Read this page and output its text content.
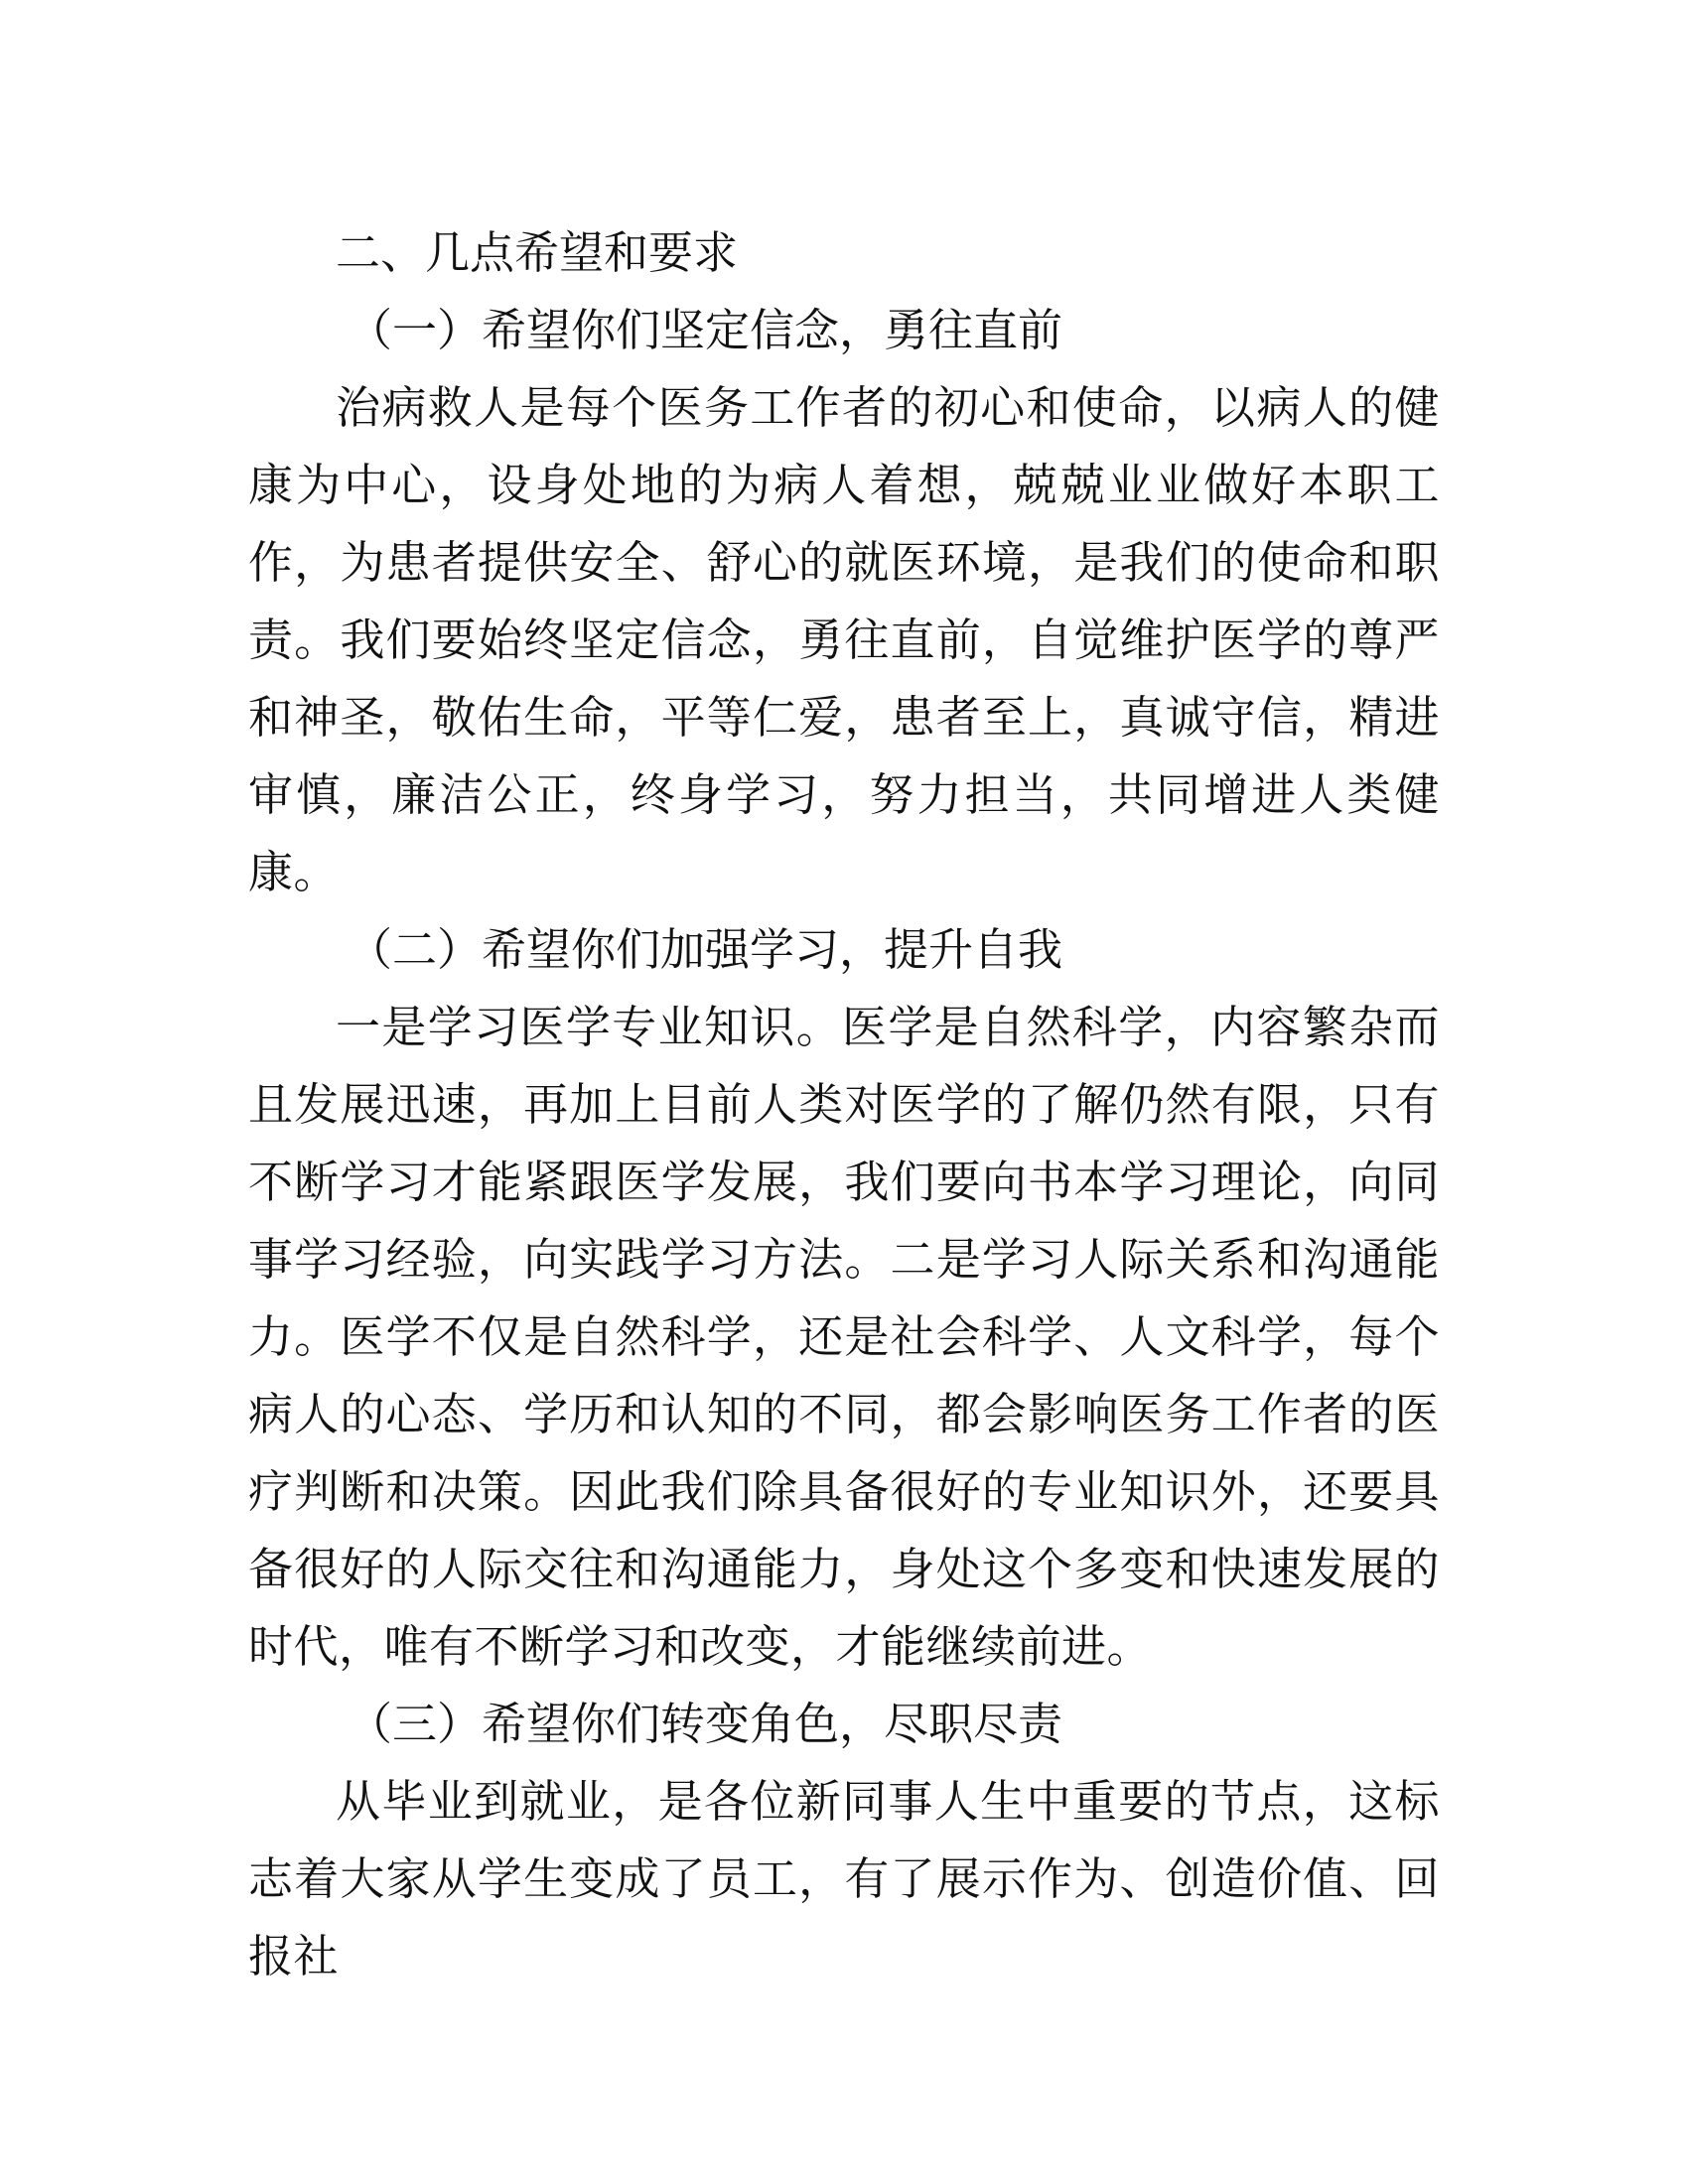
二、几点希望和要求

（一）希望你们坚定信念，勇往直前

治病救人是每个医务工作者的初心和使命，以病人的健康为中心，设身处地的为病人着想，兢兢业业做好本职工作，为患者提供安全、舒心的就医环境，是我们的使命和职责。我们要始终坚定信念，勇往直前，自觉维护医学的尊严和神圣，敬佑生命，平等仁爱，患者至上，真诚守信，精进审慎，廉洁公正，终身学习，努力担当，共同增进人类健康。

（二）希望你们加强学习，提升自我

一是学习医学专业知识。医学是自然科学，内容繁杂而且发展迅速，再加上目前人类对医学的了解仍然有限，只有不断学习才能紧跟医学发展，我们要向书本学习理论，向同事学习经验，向实践学习方法。二是学习人际关系和沟通能力。医学不仅是自然科学，还是社会科学、人文科学，每个病人的心态、学历和认知的不同，都会影响医务工作者的医疗判断和决策。因此我们除具备很好的专业知识外，还要具备很好的人际交往和沟通能力，身处这个多变和快速发展的时代，唯有不断学习和改变，才能继续前进。

（三）希望你们转变角色，尽职尽责

从毕业到就业，是各位新同事人生中重要的节点，这标志着大家从学生变成了员工，有了展示作为、创造价值、回报社
